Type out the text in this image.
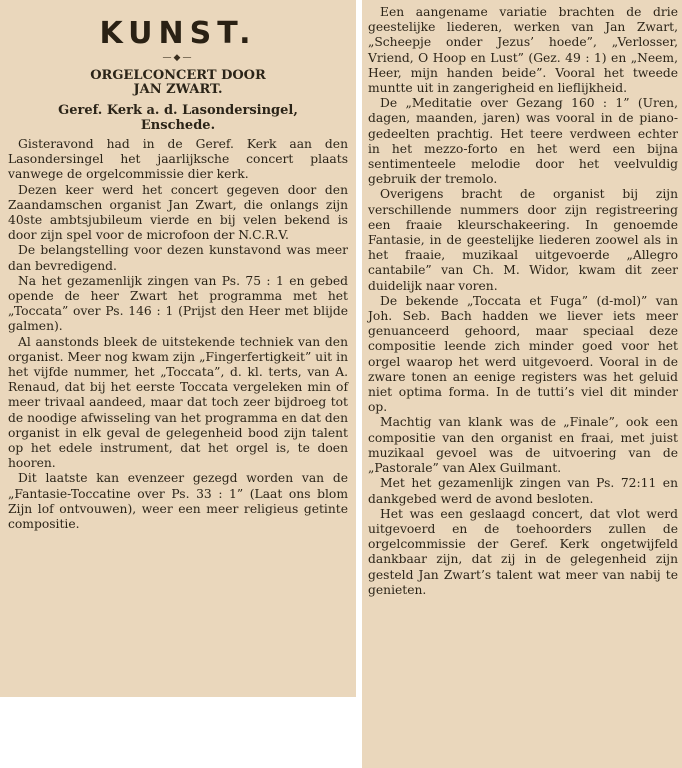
KUNST.
—◆—
ORGELCONCERT DOOR
JAN ZWART.
Geref. Kerk a. d. Lasondersingel,
Enschede.

Gisteravond had in de Geref. Kerk aan den Lasondersingel het jaarlijksche concert plaats vanwege de orgelcommissie dier kerk.

Dezen keer werd het concert gegeven door den Zaandamschen organist Jan Zwart, die onlangs zijn 40ste ambtsjubileum vierde en bij velen bekend is door zijn spel voor de microfoon der N.C.R.V.

De belangstelling voor dezen kunstavond was meer dan bevredigend.

Na het gezamenlijk zingen van Ps. 75 : 1 en gebed opende de heer Zwart het programma met het „Toccata” over Ps. 146 : 1 (Prijst den Heer met blijde galmen).

Al aanstonds bleek de uitstekende techniek van den organist. Meer nog kwam zijn „Fingerfertigkeit” uit in het vijfde nummer, het „Toccata”, d. kl. terts, van A. Renaud, dat bij het eerste Toccata vergeleken min of meer trivaal aandeed, maar dat toch zeer bijdroeg tot de noodige afwisseling van het programma en dat den organist in elk geval de gelegenheid bood zijn talent op het edele instrument, dat het orgel is, te doen hooren.

Dit laatste kan evenzeer gezegd worden van de „Fantasie-Toccatine over Ps. 33 : 1” (Laat ons blom Zijn lof ontvouwen), weer een meer religieus getinte compositie.

Een aangename variatie brachten de drie geestelijke liederen, werken van Jan Zwart, „Scheepje onder Jezus’ hoede”, „Verlosser, Vriend, O Hoop en Lust” (Gez. 49 : 1) en „Neem, Heer, mijn handen beide”. Vooral het tweede muntte uit in zangerigheid en lieflijkheid.

De „Meditatie over Gezang 160 : 1” (Uren, dagen, maanden, jaren) was vooral in de piano-gedeelten prachtig. Het teere verdween echter in het mezzo-forto en het werd een bijna sentimenteele melodie door het veelvuldig gebruik der tremolo.

Overigens bracht de organist bij zijn verschillende nummers door zijn registreering een fraaie kleurschakeering. In genoemde Fantasie, in de geestelijke liederen zoowel als in het fraaie, muzikaal uitgevoerde „Allegro cantabile” van Ch. M. Widor, kwam dit zeer duidelijk naar voren.

De bekende „Toccata et Fuga” (d-mol)” van Joh. Seb. Bach hadden we liever iets meer genuanceerd gehoord, maar speciaal deze compositie leende zich minder goed voor het orgel waarop het werd uitgevoerd. Vooral in de zware tonen an eenige registers was het geluid niet optima forma. In de tutti’s viel dit minder op.

Machtig van klank was de „Finale”, ook een compositie van den organist en fraai, met juist muzikaal gevoel was de uitvoering van de „Pastorale” van Alex Guilmant.

Met het gezamenlijk zingen van Ps. 72:11 en dankgebed werd de avond besloten.

Het was een geslaagd concert, dat vlot werd uitgevoerd en de toehoorders zullen de orgelcommissie der Geref. Kerk ongetwijfeld dankbaar zijn, dat zij in de gelegenheid zijn gesteld Jan Zwart’s talent wat meer van nabij te genieten.
